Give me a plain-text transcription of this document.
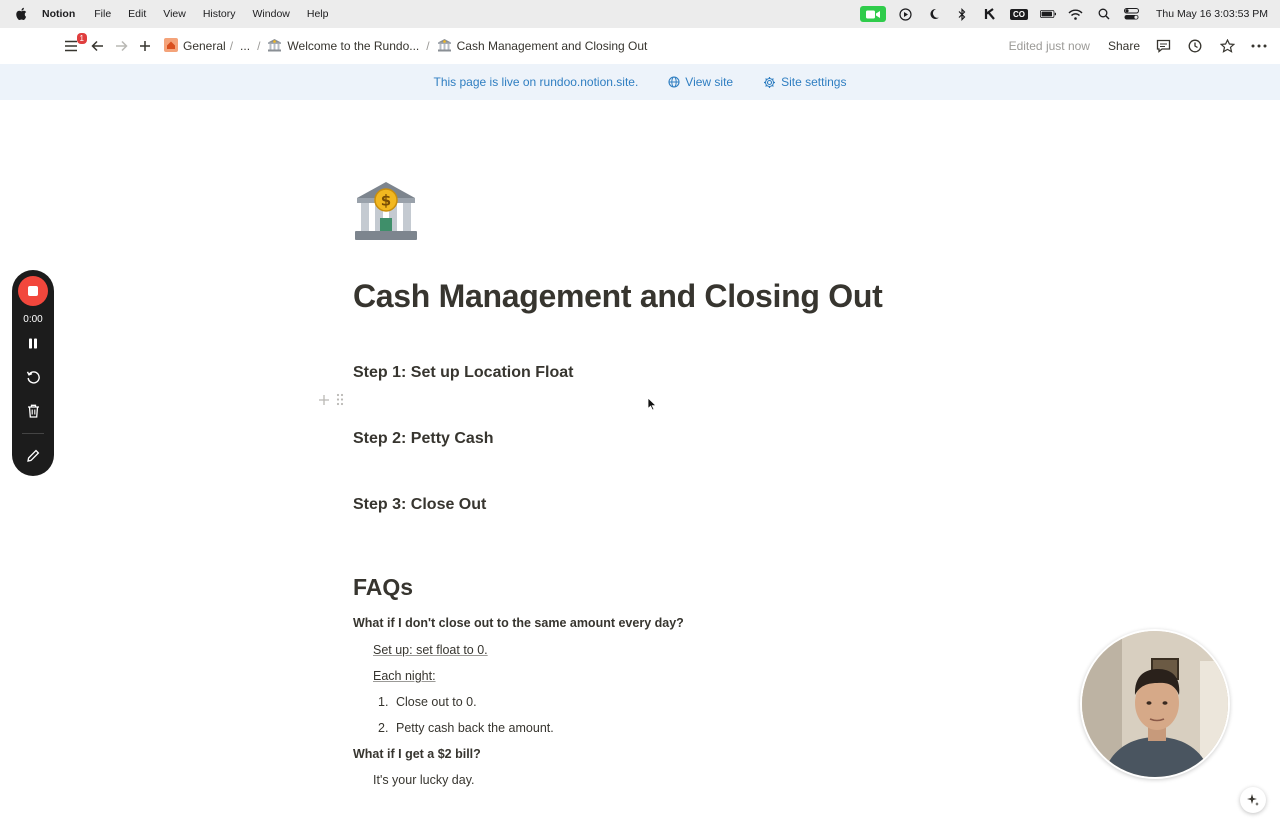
Notion File Edit View History Window Help	CO	Thu May 16 3:03:53 PM
1
General / ... / Welcome to the Rundo... / Cash Management and Closing Out	Edited just now Share
This page is live on rundoo.notion.site.	View site	Site settings
$
Cash Management and Closing Out
Step 1: Set up Location Float
Step 2: Petty Cash
Step 3: Close Out
FAQs
What if I don't close out to the same amount every day?
Set up: set float to 0.
Each night:
1. Close out to 0.
2. Petty cash back the amount.
What if I get a $2 bill?
It's your lucky day.
0:00
